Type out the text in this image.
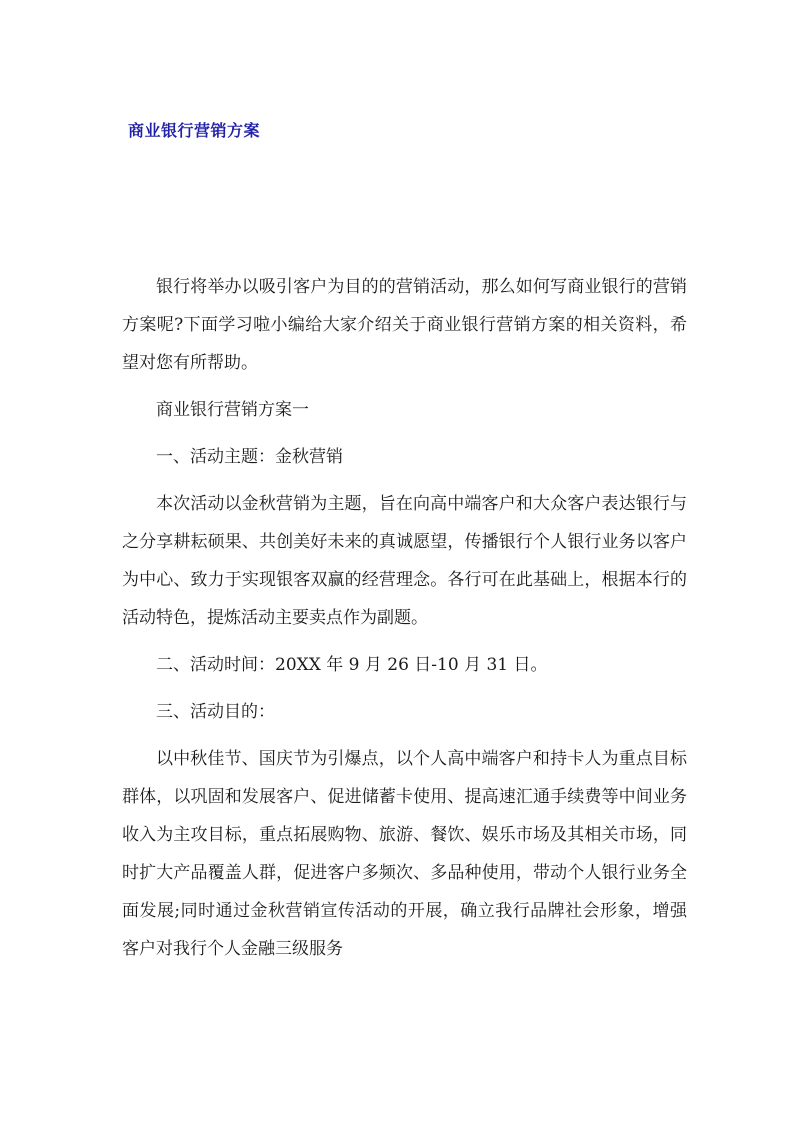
商业银行营销方案
________________________________________________________________

银行将举办以吸引客户为目的的营销活动，那么如何写商业银行的营销方案呢?下面学习啦小编给大家介绍关于商业银行营销方案的相关资料，希望对您有所帮助。

商业银行营销方案一

一、活动主题：金秋营销

本次活动以金秋营销为主题，旨在向高中端客户和大众客户表达银行与之分享耕耘硕果、共创美好未来的真诚愿望，传播银行个人银行业务以客户为中心、致力于实现银客双赢的经营理念。各行可在此基础上，根据本行的活动特色，提炼活动主要卖点作为副题。

二、活动时间：20XX 年 9 月 26 日-10 月 31 日。

三、活动目的：

以中秋佳节、国庆节为引爆点，以个人高中端客户和持卡人为重点目标群体，以巩固和发展客户、促进储蓄卡使用、提高速汇通手续费等中间业务收入为主攻目标，重点拓展购物、旅游、餐饮、娱乐市场及其相关市场，同时扩大产品覆盖人群，促进客户多频次、多品种使用，带动个人银行业务全面发展;同时通过金秋营销宣传活动的开展，确立我行品牌社会形象，增强客户对我行个人金融三级服务
